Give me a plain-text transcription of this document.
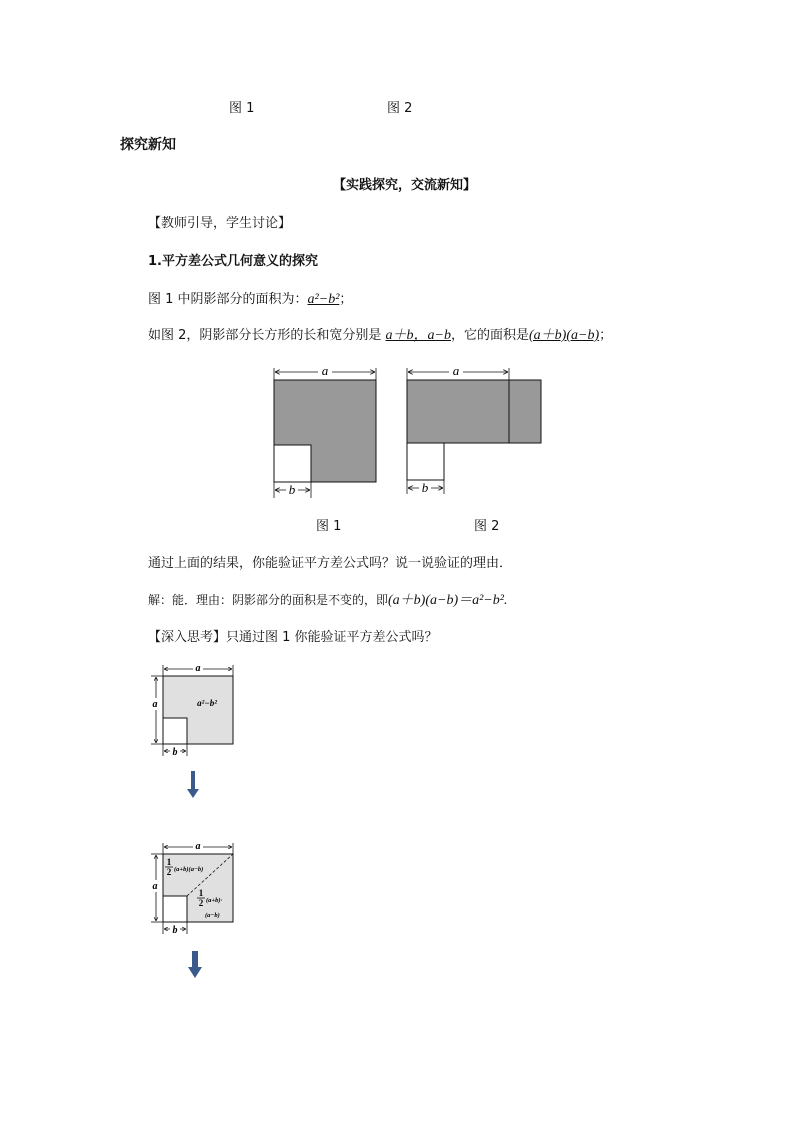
图 1	图 2
探究新知
【实践探究，交流新知】
【教师引导，学生讨论】
1.平方差公式几何意义的探究
图 1 中阴影部分的面积为：a²−b²；
如图 2，阴影部分长方形的长和宽分别是 a＋b，a−b，它的面积是(a＋b)(a−b)；
a
b
a
b
图 1	图 2
通过上面的结果，你能验证平方差公式吗？说一说验证的理由．
解：能．理由：阴影部分的面积是不变的，即(a＋b)(a−b)＝a²−b².
【深入思考】只通过图 1 你能验证平方差公式吗？
a
a	a²−b²
b
a
a
1
2 (a+b)(a−b)
1
2 (a+b)·
(a−b)
b
